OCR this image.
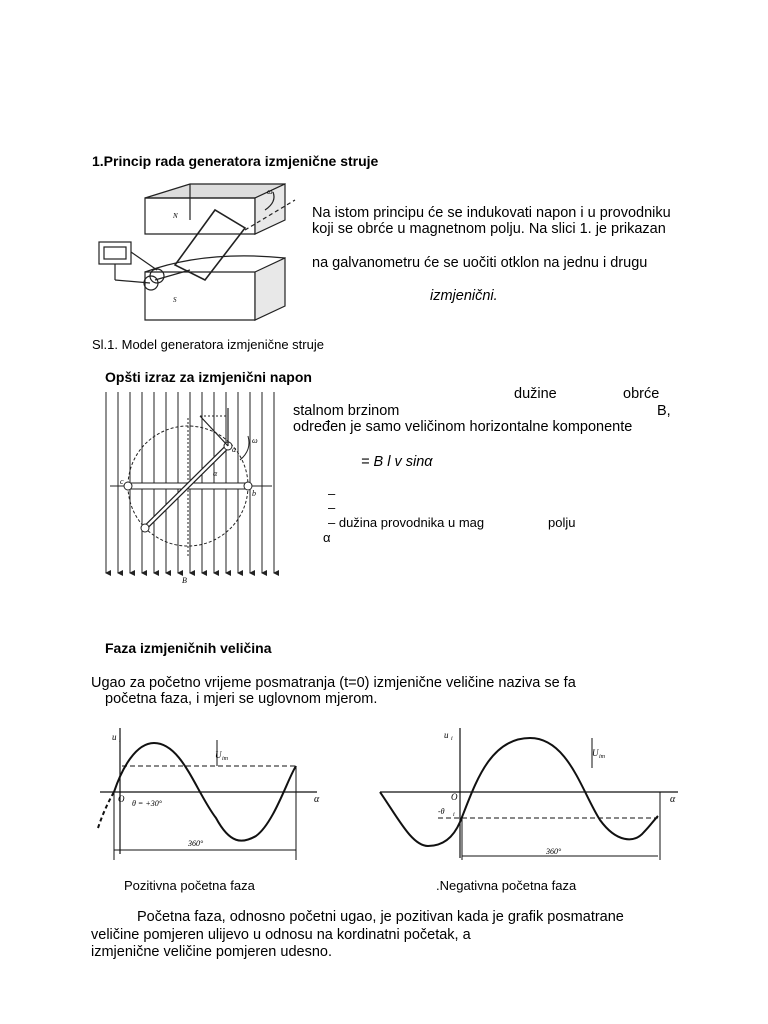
1.Princip rada generatora izmjenične struje
N
S
ω
Na istom principu će se indukovati napon i u provodniku
koji se obrće u magnetnom polju. Na slici 1. je prikazan
na galvanometru će se uočiti otklon na jednu i drugu
izmjenični.
Sl.1. Model generatora izmjenične struje
Opšti izraz za izmjenični napon
c
b
a
α
B
ω
dužine	obrće
stalnom brzinom	B,
određen je samo veličinom horizontalne komponente
= B l v sinα
–
–
– dužina provodnika u mag	polju
α
Faza izmjeničnih veličina
Ugao za početno vrijeme posmatranja (t=0) izmjenične veličine naziva se fa
početna faza, i mjeri se uglovnom mjerom.
u i
U im
O	α
θ = +30°
360°
u i
U im
O	α
-θ i
360°
Pozitivna početna faza	.Negativna početna faza
Početna faza, odnosno početni ugao, je pozitivan kada je grafik posmatrane
veličine pomjeren ulijevo u odnosu na kordinatni početak, a
izmjenične veličine pomjeren udesno.
